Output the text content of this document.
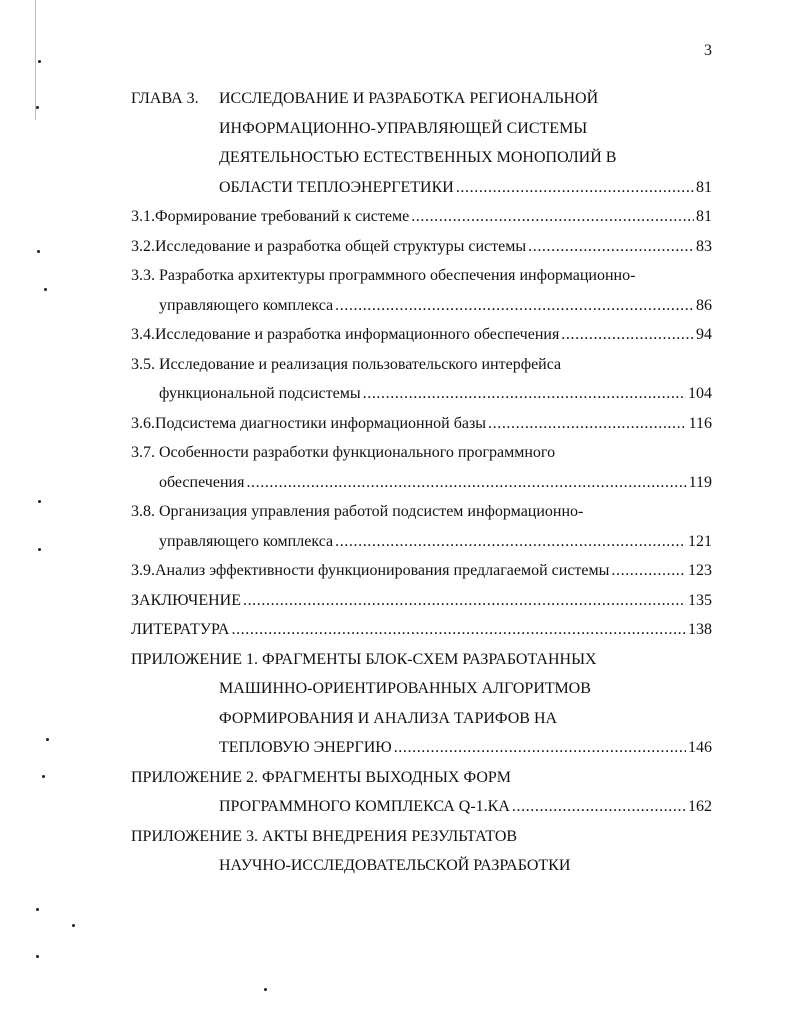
3
ГЛАВА 3. ИССЛЕДОВАНИЕ И РАЗРАБОТКА РЕГИОНАЛЬНОЙ
ИНФОРМАЦИОННО-УПРАВЛЯЮЩЕЙ СИСТЕМЫ
ДЕЯТЕЛЬНОСТЬЮ ЕСТЕСТВЕННЫХ МОНОПОЛИЙ В
ОБЛАСТИ ТЕПЛОЭНЕРГЕТИКИ .....	81
3.1. Формирование требований к системе .....	81
3.2. Исследование и разработка общей структуры системы .....	83
3.3. Разработка архитектуры программного обеспечения информационно-
управляющего комплекса .....	86
3.4. Исследование и разработка информационного обеспечения .....	94
3.5. Исследование и реализация пользовательского интерфейса
функциональной подсистемы .....	104
3.6. Подсистема диагностики информационной базы .....	116
3.7. Особенности разработки функционального программного
обеспечения .....	119
3.8. Организация управления работой подсистем информационно-
управляющего комплекса .....	121
3.9. Анализ эффективности функционирования предлагаемой системы .....	123
ЗАКЛЮЧЕНИЕ .....	135
ЛИТЕРАТУРА .....	138
ПРИЛОЖЕНИЕ 1. ФРАГМЕНТЫ БЛОК-СХЕМ РАЗРАБОТАННЫХ
МАШИННО-ОРИЕНТИРОВАННЫХ АЛГОРИТМОВ
ФОРМИРОВАНИЯ И АНАЛИЗА ТАРИФОВ НА
ТЕПЛОВУЮ ЭНЕРГИЮ .....	146
ПРИЛОЖЕНИЕ 2. ФРАГМЕНТЫ ВЫХОДНЫХ ФОРМ
ПРОГРАММНОГО КОМПЛЕКСА Q-1.КА .....	162
ПРИЛОЖЕНИЕ 3. АКТЫ ВНЕДРЕНИЯ РЕЗУЛЬТАТОВ
НАУЧНО-ИССЛЕДОВАТЕЛЬСКОЙ РАЗРАБОТКИ
